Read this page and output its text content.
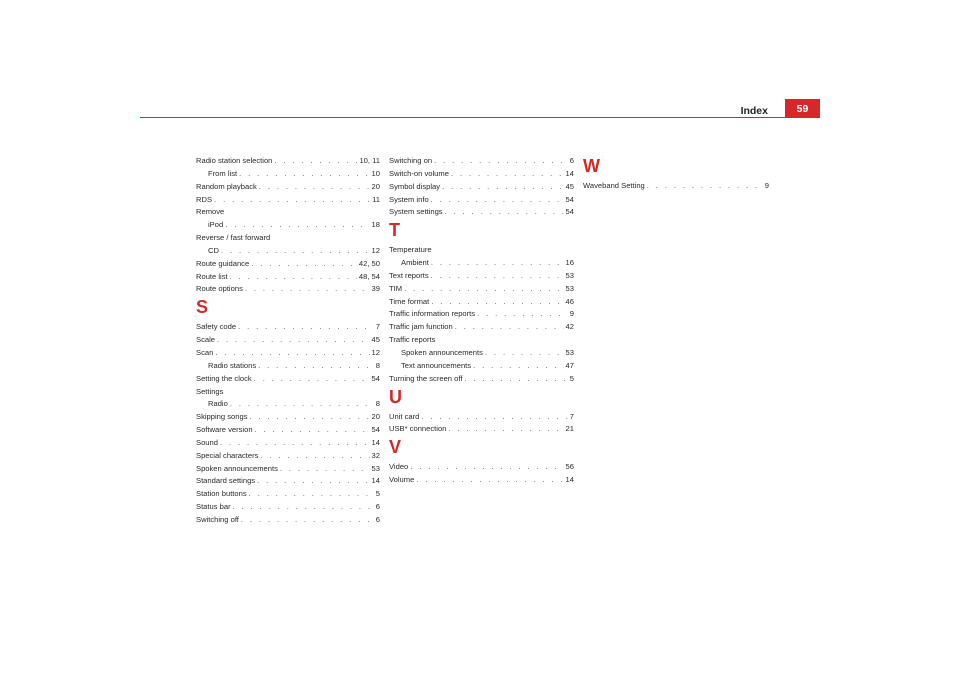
Index	59
Radio station selection . . .	10, 11
From list . . .	10
Random playback . . .	20
RDS . . .	11
Remove
iPod . . .	18
Reverse / fast forward
CD . . .	12
Route guidance . . .	42, 50
Route list . . .	48, 54
Route options . . .	39
S
Safety code . . .	7
Scale . . .	45
Scan . . .	12
Radio stations . . .	8
Setting the clock . . .	54
Settings
Radio . . .	8
Skipping songs . . .	20
Software version . . .	54
Sound . . .	14
Special characters . . .	32
Spoken announcements . . .	53
Standard settings . . .	14
Station buttons . . .	5
Status bar . . .	6
Switching off . . .	6
Switching on . . .	6
Switch-on volume . . .	14
Symbol display . . .	45
System info . . .	54
System settings . . .	54
T
Temperature
Ambient . . .	16
Text reports . . .	53
TIM . . .	53
Time format . . .	46
Traffic information reports . . .	9
Traffic jam function . . .	42
Traffic reports
Spoken announcements . . .	53
Text announcements . . .	47
Turning the screen off . . .	5
U
Unit card . . .	7
USB* connection . . .	21
V
Video . . .	56
Volume . . .	14
W
Waveband Setting . . .	9
